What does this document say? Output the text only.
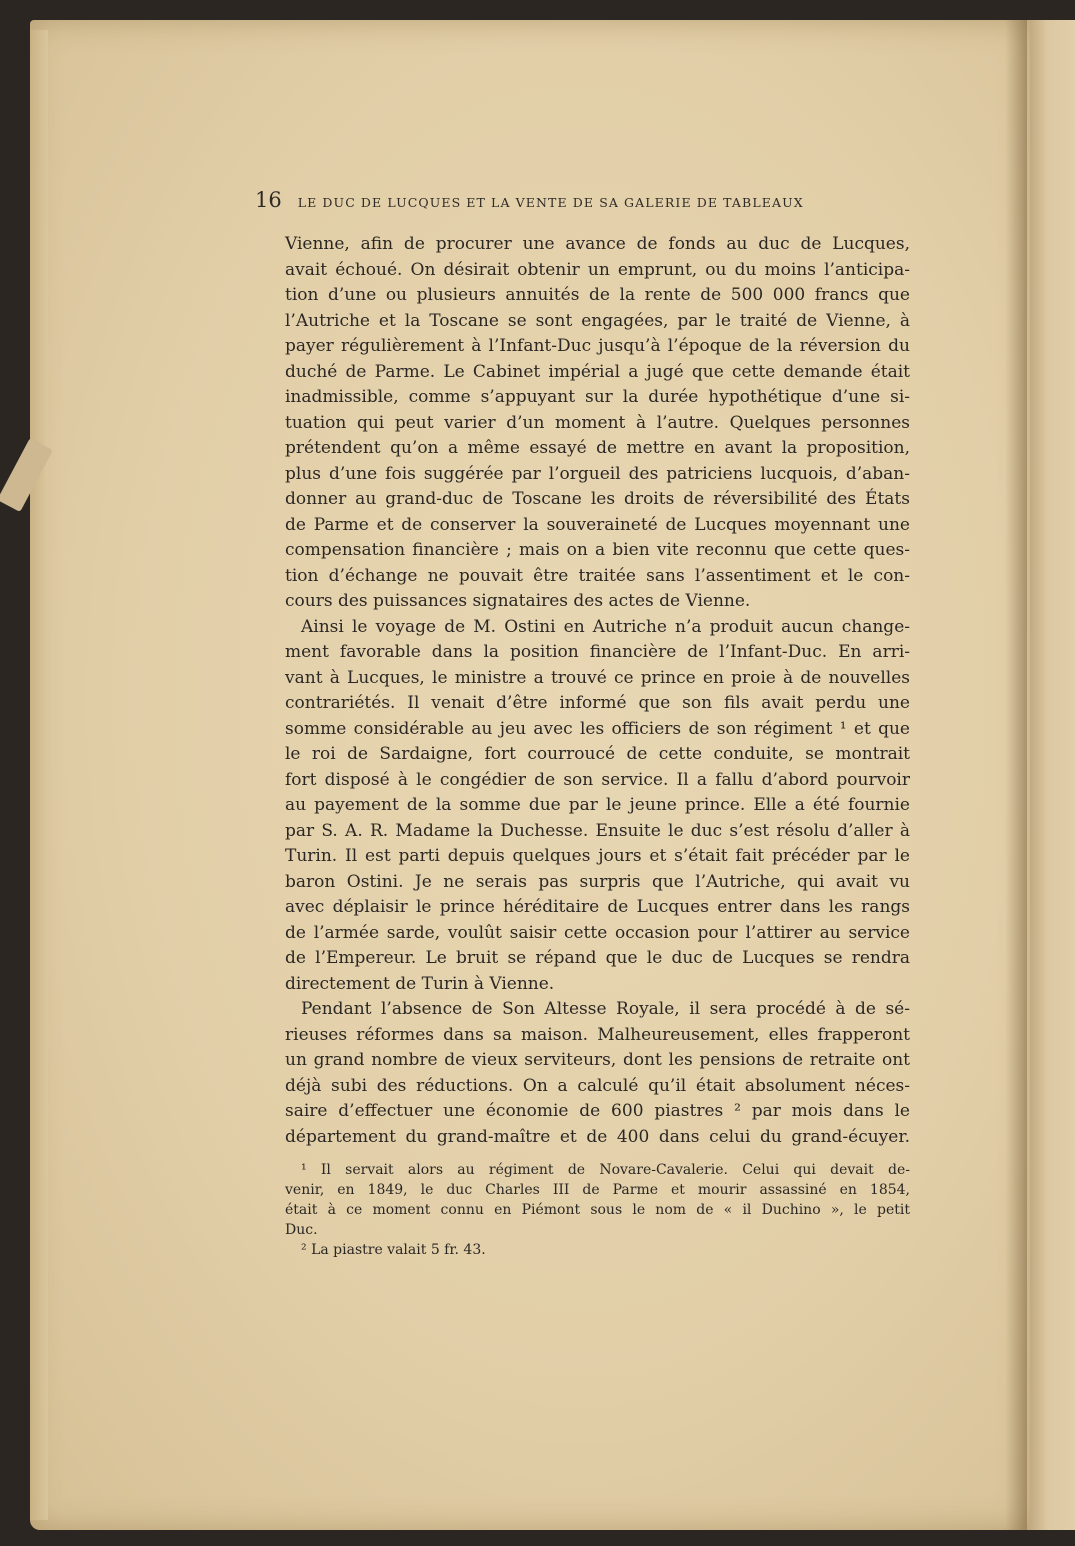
16 LE DUC DE LUCQUES ET LA VENTE DE SA GALERIE DE TABLEAUX
Vienne, afin de procurer une avance de fonds au duc de Lucques,
avait échoué. On désirait obtenir un emprunt, ou du moins l’anticipa-
tion d’une ou plusieurs annuités de la rente de 500 000 francs que
l’Autriche et la Toscane se sont engagées, par le traité de Vienne, à
payer régulièrement à l’Infant-Duc jusqu’à l’époque de la réversion du
duché de Parme. Le Cabinet impérial a jugé que cette demande était
inadmissible, comme s’appuyant sur la durée hypothétique d’une si-
tuation qui peut varier d’un moment à l’autre. Quelques personnes
prétendent qu’on a même essayé de mettre en avant la proposition,
plus d’une fois suggérée par l’orgueil des patriciens lucquois, d’aban-
donner au grand-duc de Toscane les droits de réversibilité des États
de Parme et de conserver la souveraineté de Lucques moyennant une
compensation financière ; mais on a bien vite reconnu que cette ques-
tion d’échange ne pouvait être traitée sans l’assentiment et le con-
cours des puissances signataires des actes de Vienne.
Ainsi le voyage de M. Ostini en Autriche n’a produit aucun change-
ment favorable dans la position financière de l’Infant-Duc. En arri-
vant à Lucques, le ministre a trouvé ce prince en proie à de nouvelles
contrariétés. Il venait d’être informé que son fils avait perdu une
somme considérable au jeu avec les officiers de son régiment ¹ et que
le roi de Sardaigne, fort courroucé de cette conduite, se montrait
fort disposé à le congédier de son service. Il a fallu d’abord pourvoir
au payement de la somme due par le jeune prince. Elle a été fournie
par S. A. R. Madame la Duchesse. Ensuite le duc s’est résolu d’aller à
Turin. Il est parti depuis quelques jours et s’était fait précéder par le
baron Ostini. Je ne serais pas surpris que l’Autriche, qui avait vu
avec déplaisir le prince héréditaire de Lucques entrer dans les rangs
de l’armée sarde, voulût saisir cette occasion pour l’attirer au service
de l’Empereur. Le bruit se répand que le duc de Lucques se rendra
directement de Turin à Vienne.
Pendant l’absence de Son Altesse Royale, il sera procédé à de sé-
rieuses réformes dans sa maison. Malheureusement, elles frapperont
un grand nombre de vieux serviteurs, dont les pensions de retraite ont
déjà subi des réductions. On a calculé qu’il était absolument néces-
saire d’effectuer une économie de 600 piastres ² par mois dans le
département du grand-maître et de 400 dans celui du grand-écuyer.
¹ Il servait alors au régiment de Novare-Cavalerie. Celui qui devait de-
venir, en 1849, le duc Charles III de Parme et mourir assassiné en 1854,
était à ce moment connu en Piémont sous le nom de « il Duchino », le petit
Duc.
² La piastre valait 5 fr. 43.
